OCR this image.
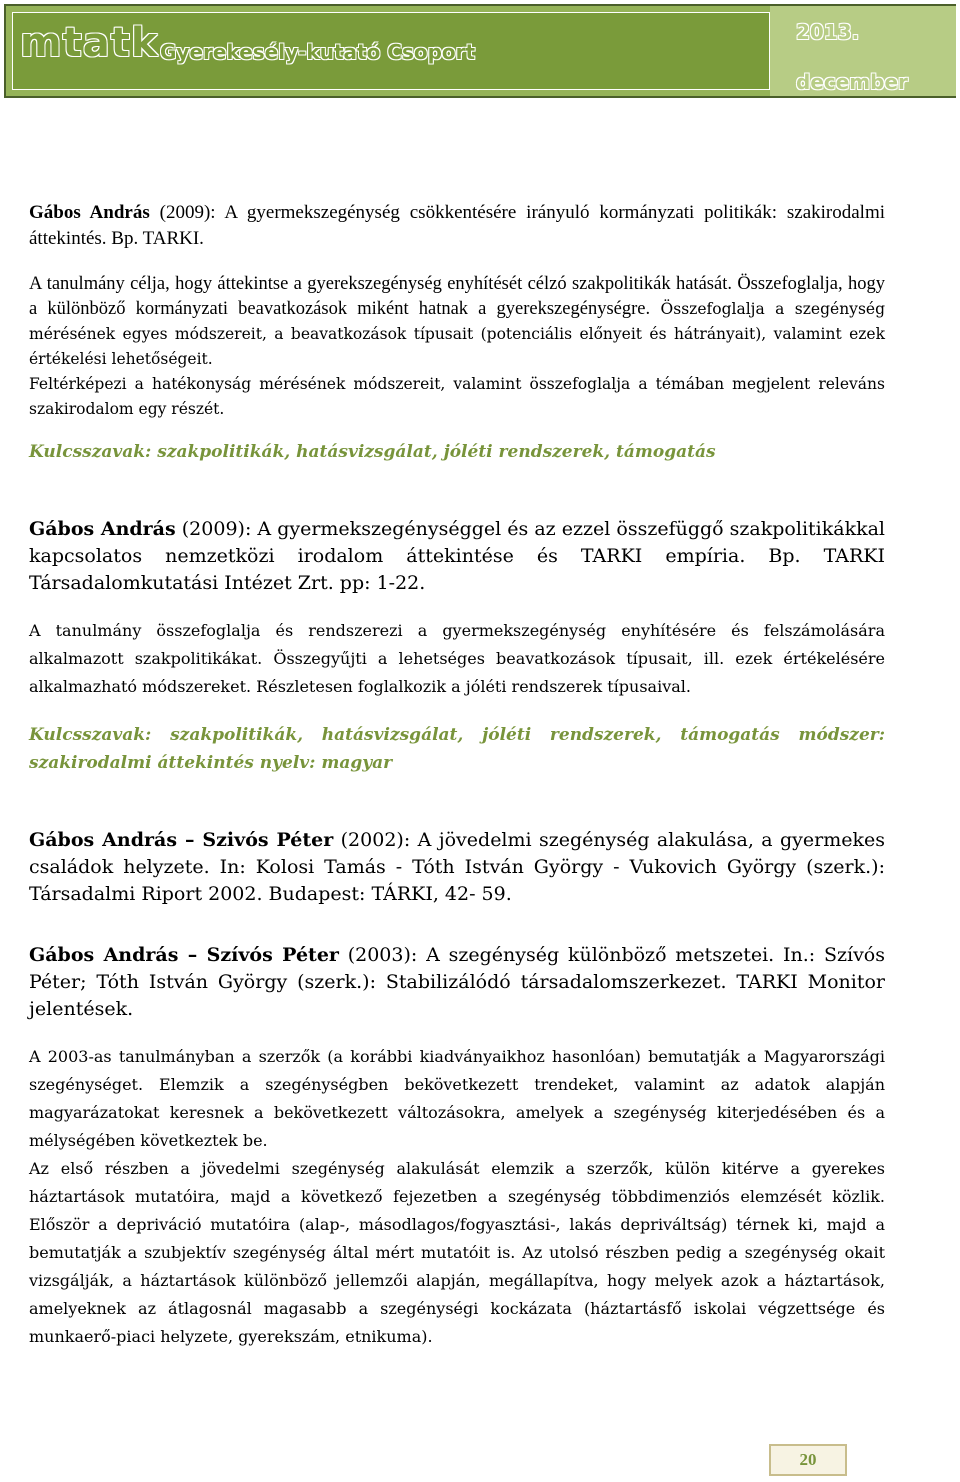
mtatk Gyerekesély-kutató Csoport
2013.
december

Gábos András (2009): A gyermekszegénység csökkentésére irányuló kormányzati politikák: szakirodalmi áttekintés. Bp. TARKI.

A tanulmány célja, hogy áttekintse a gyerekszegénység enyhítését célzó szakpolitikák hatását. Összefoglalja, hogy a különböző kormányzati beavatkozások miként hatnak a gyerekszegénységre. Összefoglalja a szegénység mérésének egyes módszereit, a beavatkozások típusait (potenciális előnyeit és hátrányait), valamint ezek értékelési lehetőségeit.

Feltérképezi a hatékonyság mérésének módszereit, valamint összefoglalja a témában megjelent releváns szakirodalom egy részét.

Kulcsszavak: szakpolitikák, hatásvizsgálat, jóléti rendszerek, támogatás

Gábos András (2009): A gyermekszegénységgel és az ezzel összefüggő szakpolitikákkal kapcsolatos nemzetközi irodalom áttekintése és TARKI empíria. Bp. TARKI Társadalomkutatási Intézet Zrt. pp: 1-22.

A tanulmány összefoglalja és rendszerezi a gyermekszegénység enyhítésére és felszámolására alkalmazott szakpolitikákat. Összegyűjti a lehetséges beavatkozások típusait, ill. ezek értékelésére alkalmazható módszereket. Részletesen foglalkozik a jóléti rendszerek típusaival.

Kulcsszavak: szakpolitikák, hatásvizsgálat, jóléti rendszerek, támogatás módszer: szakirodalmi áttekintés nyelv: magyar

Gábos András – Szivós Péter (2002): A jövedelmi szegénység alakulása, a gyermekes családok helyzete. In: Kolosi Tamás - Tóth István György - Vukovich György (szerk.): Társadalmi Riport 2002. Budapest: TÁRKI, 42- 59.

Gábos András – Szívós Péter (2003): A szegénység különböző metszetei. In.: Szívós Péter; Tóth István György (szerk.): Stabilizálódó társadalomszerkezet. TARKI Monitor jelentések.

A 2003-as tanulmányban a szerzők (a korábbi kiadványaikhoz hasonlóan) bemutatják a Magyarországi szegénységet. Elemzik a szegénységben bekövetkezett trendeket, valamint az adatok alapján magyarázatokat keresnek a bekövetkezett változásokra, amelyek a szegénység kiterjedésében és a mélységében következtek be.

Az első részben a jövedelmi szegénység alakulását elemzik a szerzők, külön kitérve a gyerekes háztartások mutatóira, majd a következő fejezetben a szegénység többdimenziós elemzését közlik. Először a depriváció mutatóira (alap-, másodlagos/fogyasztási-, lakás depriváltság) térnek ki, majd a bemutatják a szubjektív szegénység által mért mutatóit is. Az utolsó részben pedig a szegénység okait vizsgálják, a háztartások különböző jellemzői alapján, megállapítva, hogy melyek azok a háztartások, amelyeknek az átlagosnál magasabb a szegénységi kockázata (háztartásfő iskolai végzettsége és munkaerő-piaci helyzete, gyerekszám, etnikuma).

20
